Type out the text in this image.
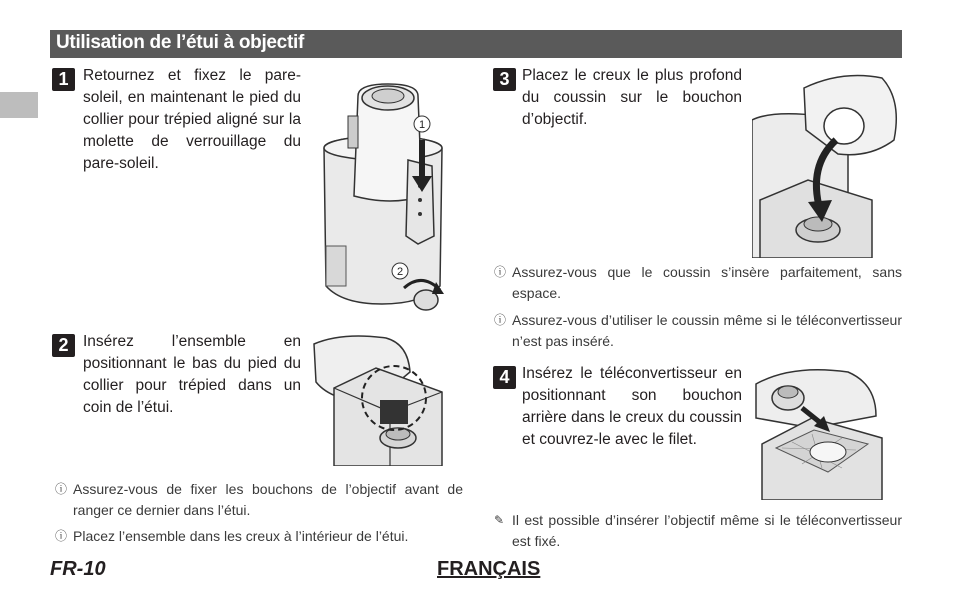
Utilisation de l’étui à objectif
1 Retournez et fixez le pare-soleil, en maintenant le pied du collier pour trépied aligné sur la molette de verrouillage du pare-soleil.
1
2
2 Insérez l’ensemble en positionnant le bas du pied du collier pour trépied dans un coin de l’étui.
ⓘ Assurez-vous de fixer les bouchons de l’objectif avant de ranger ce dernier dans l’étui.
ⓘ Placez l’ensemble dans les creux à l’intérieur de l’étui.
3 Placez le creux le plus profond du coussin sur le bouchon d’objectif.
ⓘ Assurez-vous que le coussin s’insère parfaitement, sans espace.
ⓘ Assurez-vous d’utiliser le coussin même si le téléconvertisseur n’est pas inséré.
4 Insérez le téléconvertisseur en positionnant son bouchon arrière dans le creux du coussin et couvrez-le avec le filet.
✎ Il est possible d’insérer l’objectif même si le téléconvertisseur est fixé.
FR-10	FRANÇAIS
